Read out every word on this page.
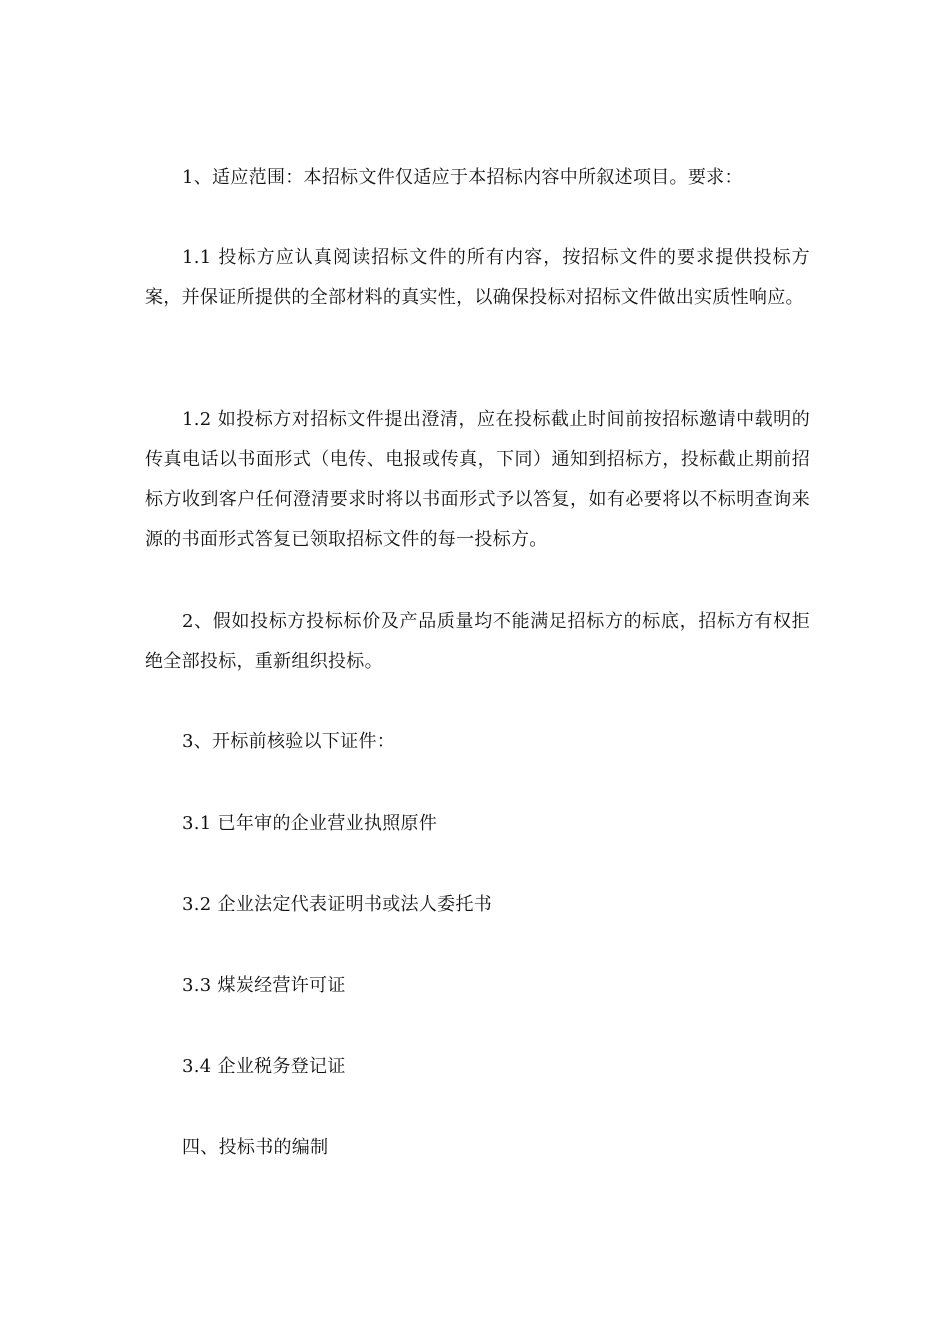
1、适应范围：本招标文件仅适应于本招标内容中所叙述项目。要求：

1.1 投标方应认真阅读招标文件的所有内容，按招标文件的要求提供投标方案，并保证所提供的全部材料的真实性，以确保投标对招标文件做出实质性响应。

1.2 如投标方对招标文件提出澄清，应在投标截止时间前按招标邀请中载明的传真电话以书面形式（电传、电报或传真，下同）通知到招标方，投标截止期前招标方收到客户任何澄清要求时将以书面形式予以答复，如有必要将以不标明查询来源的书面形式答复已领取招标文件的每一投标方。

2、假如投标方投标标价及产品质量均不能满足招标方的标底，招标方有权拒绝全部投标，重新组织投标。

3、开标前核验以下证件：

3.1 已年审的企业营业执照原件

3.2 企业法定代表证明书或法人委托书

3.3 煤炭经营许可证

3.4 企业税务登记证

四、投标书的编制
